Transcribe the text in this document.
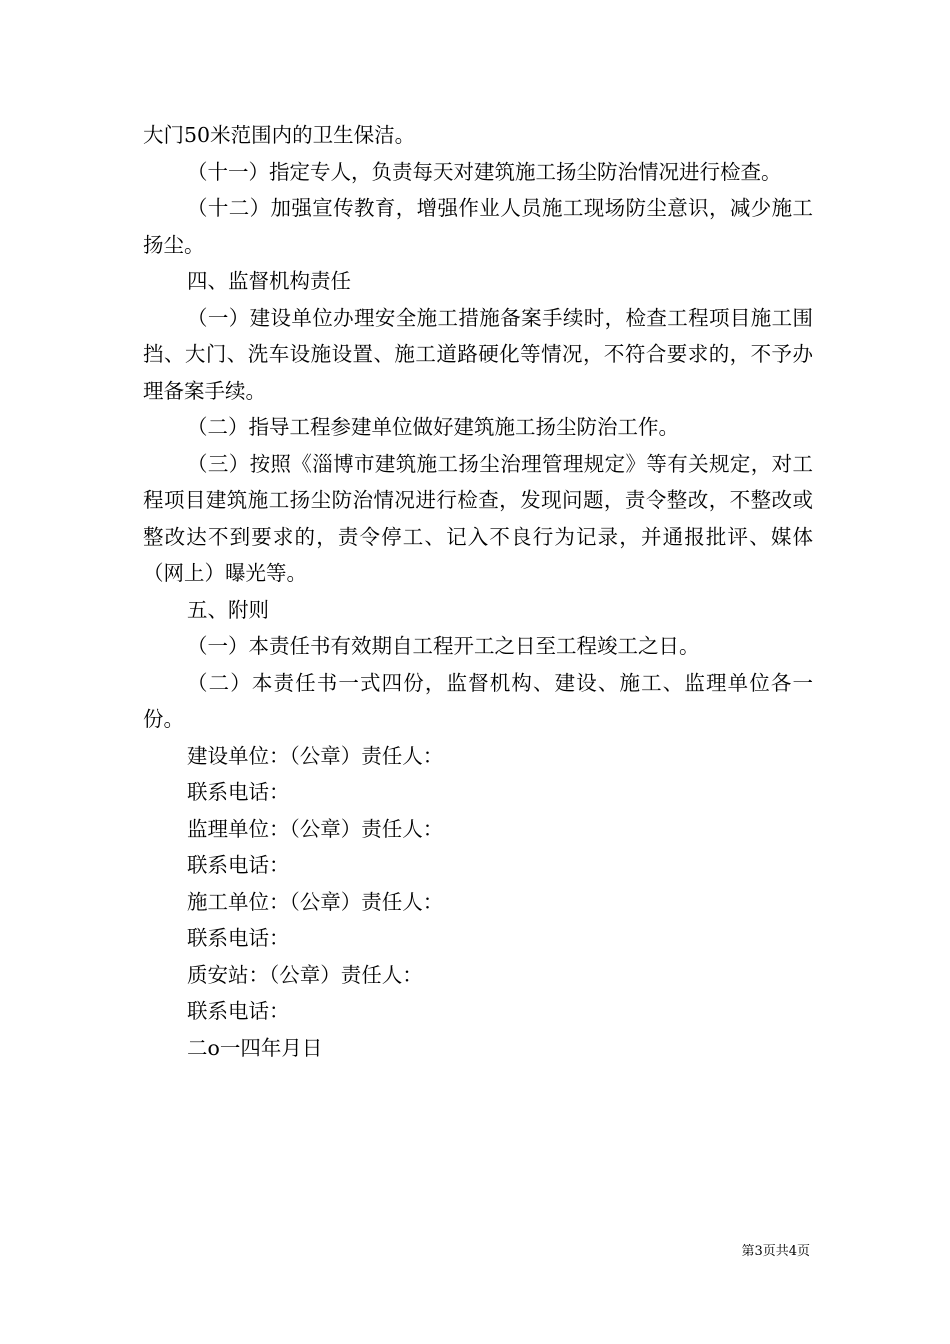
大门50米范围内的卫生保洁。

（十一）指定专人，负责每天对建筑施工扬尘防治情况进行检查。

（十二）加强宣传教育，增强作业人员施工现场防尘意识，减少施工扬尘。

四、监督机构责任

（一）建设单位办理安全施工措施备案手续时，检查工程项目施工围挡、大门、洗车设施设置、施工道路硬化等情况，不符合要求的，不予办理备案手续。

（二）指导工程参建单位做好建筑施工扬尘防治工作。

（三）按照《淄博市建筑施工扬尘治理管理规定》等有关规定，对工程项目建筑施工扬尘防治情况进行检查，发现问题，责令整改，不整改或整改达不到要求的，责令停工、记入不良行为记录，并通报批评、媒体（网上）曝光等。

五、附则

（一）本责任书有效期自工程开工之日至工程竣工之日。

（二）本责任书一式四份，监督机构、建设、施工、监理单位各一份。

建设单位：（公章）责任人：

联系电话：

监理单位：（公章）责任人：

联系电话：

施工单位：（公章）责任人：

联系电话：

质安站：（公章）责任人：

联系电话：

二o一四年月日

第3页共4页
